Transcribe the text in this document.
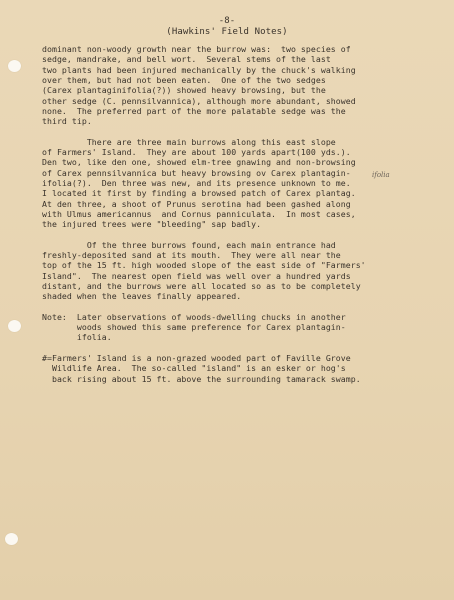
-8-
(Hawkins' Field Notes)
dominant non-woody growth near the burrow was:  two species of
sedge, mandrake, and bell wort.  Several stems of the last
two plants had been injured mechanically by the chuck's walking
over them, but had not been eaten.  One of the two sedges
(Carex plantaginifolia(?)) showed heavy browsing, but the
other sedge (C. pennsilvannica), although more abundant, showed
none.  The preferred part of the more palatable sedge was the
third tip.
There are three main burrows along this east slope
of Farmers' Island.  They are about 100 yards apart(100 yds.).
Den two, like den one, showed elm-tree gnawing and non-browsing
of Carex pennsilvannica but heavy browsing ov Carex plantagin-
ifolia(?).  Den three was new, and its presence unknown to me.
I located it first by finding a browsed patch of Carex plantag.
At den three, a shoot of Prunus serotina had been gashed along
with Ulmus americannus  and Cornus panniculata.  In most cases,
the injured trees were "bleeding" sap badly.
Of the three burrows found, each main entrance had
freshly-deposited sand at its mouth.  They were all near the
top of the 15 ft. high wooded slope of the east side of "Farmers'
Island".  The nearest open field was well over a hundred yards
distant, and the burrows were all located so as to be completely
shaded when the leaves finally appeared.
Note:  Later observations of woods-dwelling chucks in another
woods showed this same preference for Carex plantagin-
ifolia.
#=Farmers' Island is a non-grazed wooded part of Faville Grove
Wildlife Area.  The so-called "island" is an esker or hog's
back rising about 15 ft. above the surrounding tamarack swamp.
ifolia
